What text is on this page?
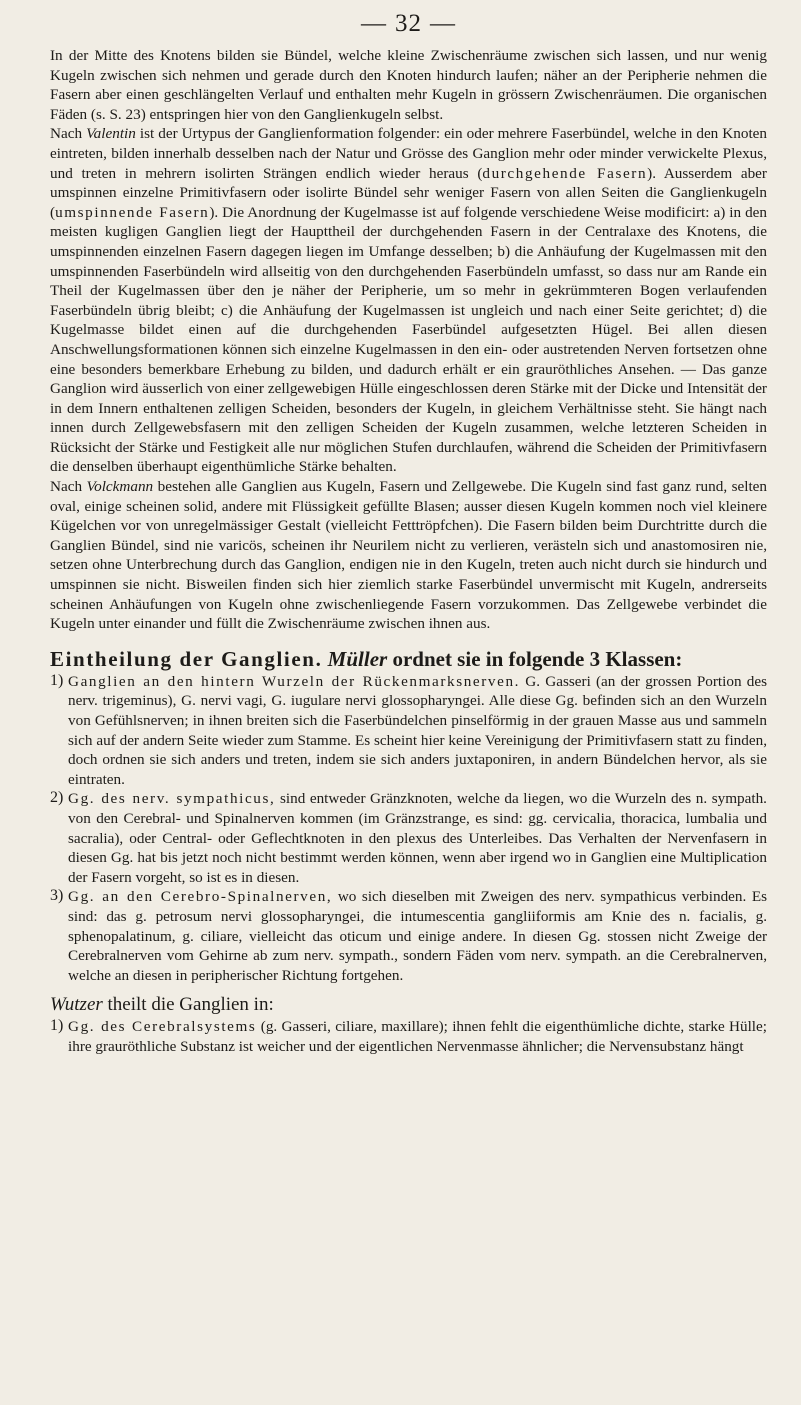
— 32 —

In der Mitte des Knotens bilden sie Bündel, welche kleine Zwischenräume zwischen sich lassen, und nur wenig Kugeln zwischen sich nehmen und gerade durch den Knoten hindurch laufen; näher an der Peripherie nehmen die Fasern aber einen geschlängelten Verlauf und enthalten mehr Kugeln in grössern Zwischenräumen. Die organischen Fäden (s. S. 23) entspringen hier von den Ganglienkugeln selbst.

Nach Valentin ist der Urtypus der Ganglienformation folgender: ein oder mehrere Faserbündel, welche in den Knoten eintreten, bilden innerhalb desselben nach der Natur und Grösse des Ganglion mehr oder minder verwickelte Plexus, und treten in mehrern isolirten Strängen endlich wieder heraus (durchgehende Fasern). Ausserdem aber umspinnen einzelne Primitivfasern oder isolirte Bündel sehr weniger Fasern von allen Seiten die Ganglienkugeln (umspinnende Fasern). Die Anordnung der Kugelmasse ist auf folgende verschiedene Weise modificirt: a) in den meisten kugligen Ganglien liegt der Haupttheil der durchgehenden Fasern in der Centralaxe des Knotens, die umspinnenden einzelnen Fasern dagegen liegen im Umfange desselben; b) die Anhäufung der Kugelmassen mit den umspinnenden Faserbündeln wird allseitig von den durchgehenden Faserbündeln umfasst, so dass nur am Rande ein Theil der Kugelmassen über den je näher der Peripherie, um so mehr in gekrümmteren Bogen verlaufenden Faserbündeln übrig bleibt; c) die Anhäufung der Kugelmassen ist ungleich und nach einer Seite gerichtet; d) die Kugelmasse bildet einen auf die durchgehenden Faserbündel aufgesetzten Hügel. Bei allen diesen Anschwellungsformationen können sich einzelne Kugelmassen in den ein- oder austretenden Nerven fortsetzen ohne eine besonders bemerkbare Erhebung zu bilden, und dadurch erhält er ein grauröthliches Ansehen. — Das ganze Ganglion wird äusserlich von einer zellgewebigen Hülle eingeschlossen deren Stärke mit der Dicke und Intensität der in dem Innern enthaltenen zelligen Scheiden, besonders der Kugeln, in gleichem Verhältnisse steht. Sie hängt nach innen durch Zellgewebsfasern mit den zelligen Scheiden der Kugeln zusammen, welche letzteren Scheiden in Rücksicht der Stärke und Festigkeit alle nur möglichen Stufen durchlaufen, während die Scheiden der Primitivfasern die denselben überhaupt eigenthümliche Stärke behalten.

Nach Volckmann bestehen alle Ganglien aus Kugeln, Fasern und Zellgewebe. Die Kugeln sind fast ganz rund, selten oval, einige scheinen solid, andere mit Flüssigkeit gefüllte Blasen; ausser diesen Kugeln kommen noch viel kleinere Kügelchen vor von unregelmässiger Gestalt (vielleicht Fetttröpfchen). Die Fasern bilden beim Durchtritte durch die Ganglien Bündel, sind nie varicös, scheinen ihr Neurilem nicht zu verlieren, verästeln sich und anastomosiren nie, setzen ohne Unterbrechung durch das Ganglion, endigen nie in den Kugeln, treten auch nicht durch sie hindurch und umspinnen sie nicht. Bisweilen finden sich hier ziemlich starke Faserbündel unvermischt mit Kugeln, andrerseits scheinen Anhäufungen von Kugeln ohne zwischenliegende Fasern vorzukommen. Das Zellgewebe verbindet die Kugeln unter einander und füllt die Zwischenräume zwischen ihnen aus.

Eintheilung der Ganglien. Müller ordnet sie in folgende 3 Klassen:
1) Ganglien an den hintern Wurzeln der Rückenmarksnerven. G. Gasseri (an der grossen Portion des nerv. trigeminus), G. nervi vagi, G. iugulare nervi glossopharyngei. Alle diese Gg. befinden sich an den Wurzeln von Gefühlsnerven; in ihnen breiten sich die Faserbündelchen pinselförmig in der grauen Masse aus und sammeln sich auf der andern Seite wieder zum Stamme. Es scheint hier keine Vereinigung der Primitivfasern statt zu finden, doch ordnen sie sich anders und treten, indem sie sich anders juxtaponiren, in andern Bündelchen hervor, als sie eintraten.

2) Gg. des nerv. sympathicus, sind entweder Gränzknoten, welche da liegen, wo die Wurzeln des n. sympath. von den Cerebral- und Spinalnerven kommen (im Gränzstrange, es sind: gg. cervicalia, thoracica, lumbalia und sacralia), oder Central- oder Geflechtknoten in den plexus des Unterleibes. Das Verhalten der Nervenfasern in diesen Gg. hat bis jetzt noch nicht bestimmt werden können, wenn aber irgend wo in Ganglien eine Multiplication der Fasern vorgeht, so ist es in diesen.

3) Gg. an den Cerebro-Spinalnerven, wo sich dieselben mit Zweigen des nerv. sympathicus verbinden. Es sind: das g. petrosum nervi glossopharyngei, die intumescentia gangliiformis am Knie des n. facialis, g. sphenopalatinum, g. ciliare, vielleicht das oticum und einige andere. In diesen Gg. stossen nicht Zweige der Cerebralnerven vom Gehirne ab zum nerv. sympath., sondern Fäden vom nerv. sympath. an die Cerebralnerven, welche an diesen in peripherischer Richtung fortgehen.

Wutzer theilt die Ganglien in:
1) Gg. des Cerebralsystems (g. Gasseri, ciliare, maxillare); ihnen fehlt die eigenthümliche dichte, starke Hülle; ihre grauröthliche Substanz ist weicher und der eigentlichen Nervenmasse ähnlicher; die Nervensubstanz hängt
